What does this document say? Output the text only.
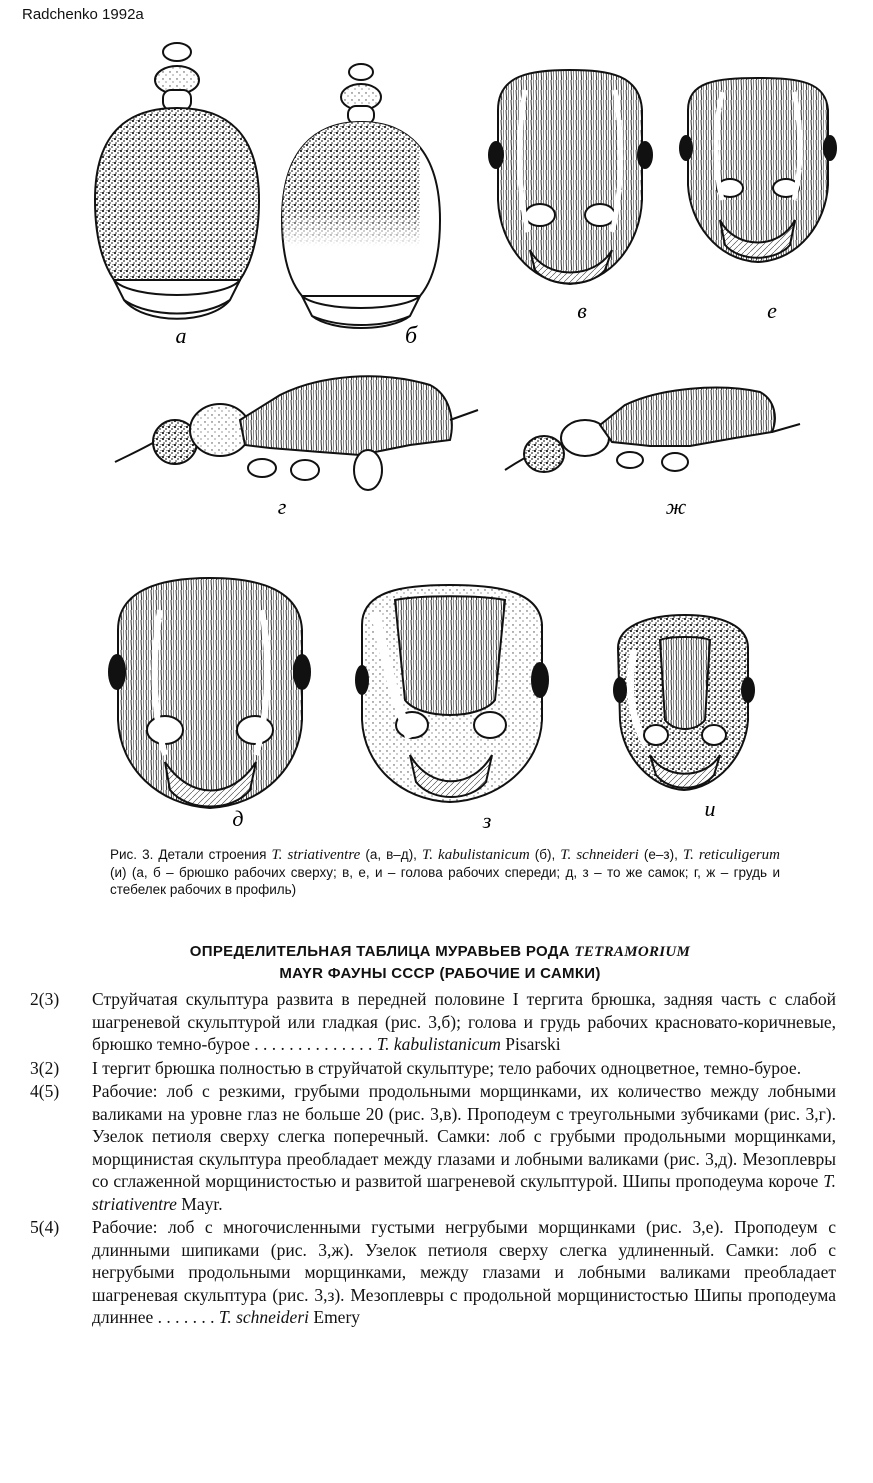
Radchenko 1992a
а	б
в	е
г	ж
д	з	и
Рис. 3. Детали строения T. striativentre (а, в–д), T. kabulistanicum (б), T. schneideri (е–з), T. reticuligerum (и) (а, б – брюшко рабочих сверху; в, е, и – голова рабочих спереди; д, з – то же самок; г, ж – грудь и стебелек рабочих в профиль)
ОПРЕДЕЛИТЕЛЬНАЯ ТАБЛИЦА МУРАВЬЕВ РОДА TETRAMORIUM
MAYR ФАУНЫ СССР (РАБОЧИЕ И САМКИ)
2(3)	Струйчатая скульптура развита в передней половине I тергита брюшка, задняя часть с слабой шагреневой скульптурой или гладкая (рис. 3,б); голова и грудь рабочих красновато-коричневые, брюшко темно-бурое . . . . . . . . . . . . . . T. kabulistanicum Pisarski
3(2)	I тергит брюшка полностью в струйчатой скульптуре; тело рабочих одноцветное, темно-бурое.
4(5)	Рабочие: лоб с резкими, грубыми продольными морщинками, их количество между лобными валиками на уровне глаз не больше 20 (рис. 3,в). Проподеум с треугольными зубчиками (рис. 3,г). Узелок петиоля сверху слегка поперечный. Самки: лоб с грубыми продольными морщинками, морщинистая скульптура преобладает между глазами и лобными валиками (рис. 3,д). Мезоплевры со сглаженной морщинистостью и развитой шагреневой скульптурой. Шипы проподеума короче T. striativentre Mayr.
5(4)	Рабочие: лоб с многочисленными густыми негрубыми морщинками (рис. 3,е). Проподеум с длинными шипиками (рис. 3,ж). Узелок петиоля сверху слегка удлиненный. Самки: лоб с негрубыми продольными морщинками, между глазами и лобными валиками преобладает шагреневая скульптура (рис. 3,з). Мезоплевры с продольной морщинистостью Шипы проподеума длиннее . . . . . . . T. schneideri Emery
